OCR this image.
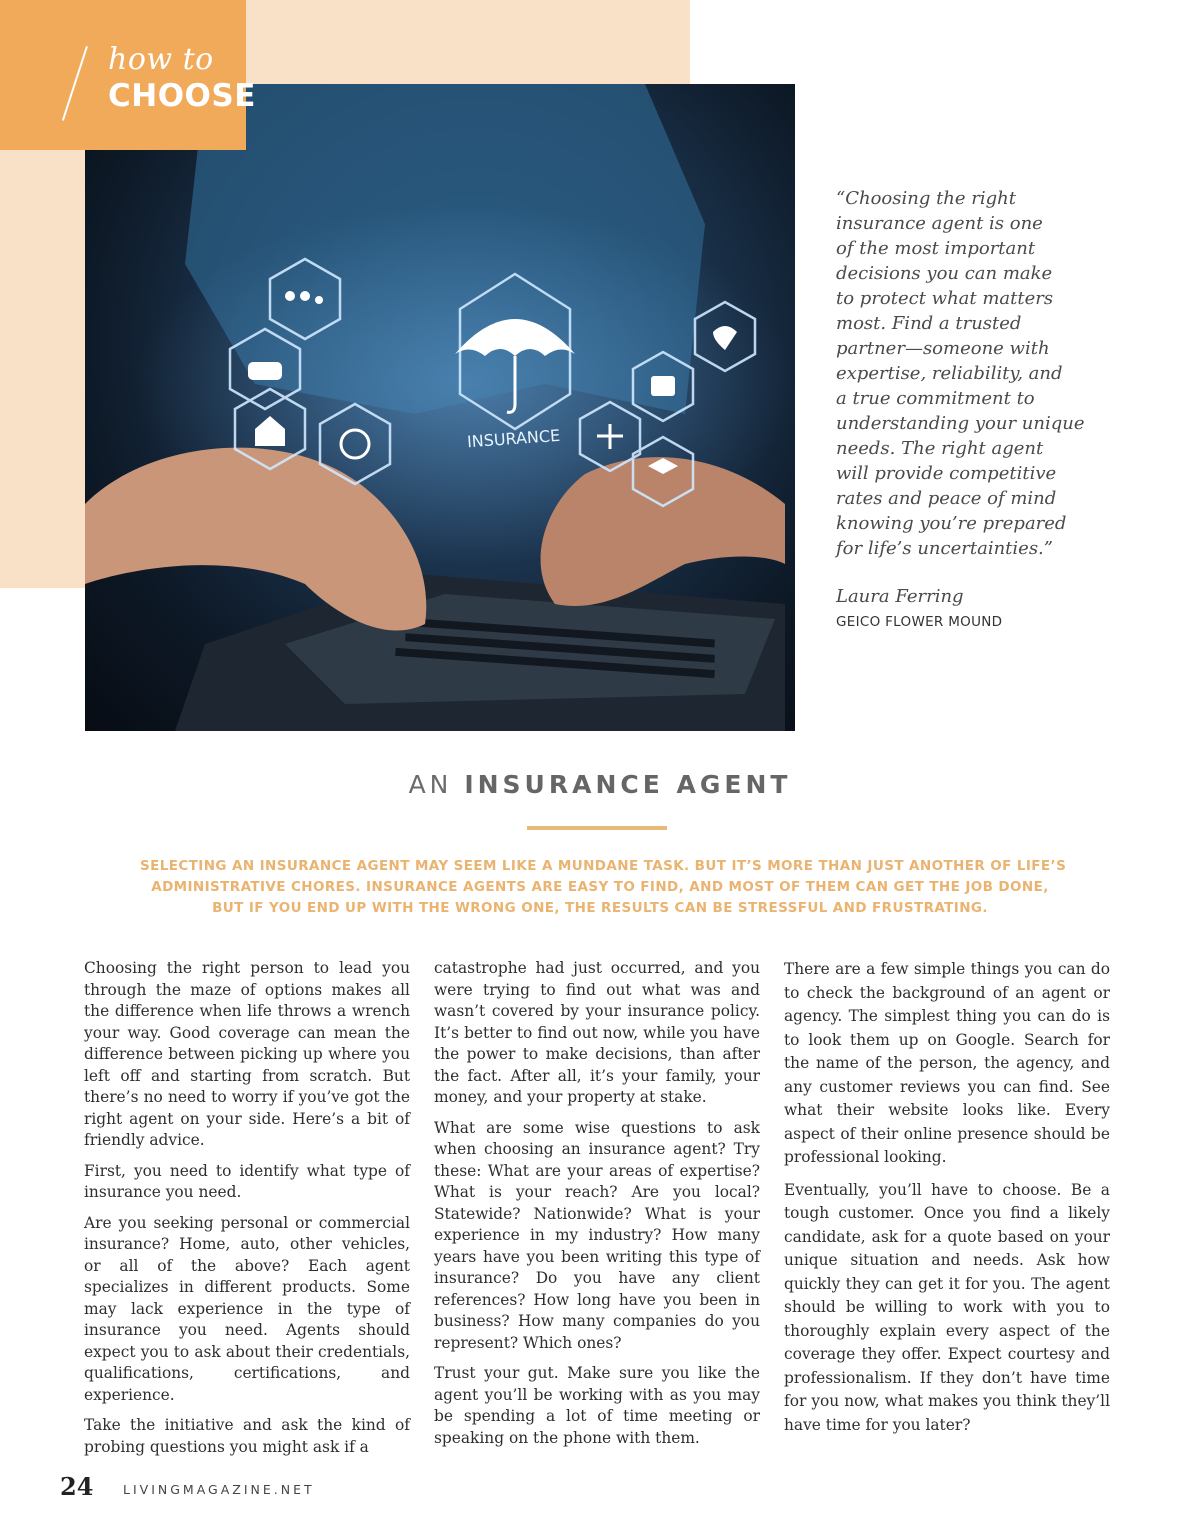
INSURANCE
how to
CHOOSE
“Choosing the right
insurance agent is one
of the most important
decisions you can make
to protect what matters
most. Find a trusted
partner—someone with
expertise, reliability, and
a true commitment to
understanding your unique
needs. The right agent
will provide competitive
rates and peace of mind
knowing you’re prepared
for life’s uncertainties.”
Laura Ferring
GEICO FLOWER MOUND
AN INSURANCE AGENT
SELECTING AN INSURANCE AGENT MAY SEEM LIKE A MUNDANE TASK. BUT IT’S MORE THAN JUST ANOTHER OF LIFE’S
ADMINISTRATIVE CHORES. INSURANCE AGENTS ARE EASY TO FIND, AND MOST OF THEM CAN GET THE JOB DONE,
BUT IF YOU END UP WITH THE WRONG ONE, THE RESULTS CAN BE STRESSFUL AND FRUSTRATING.

Choosing the right person to lead you through the maze of options makes all the difference when life throws a wrench your way. Good coverage can mean the difference between picking up where you left off and starting from scratch. But there’s no need to worry if you’ve got the right agent on your side. Here’s a bit of friendly advice.

First, you need to identify what type of insurance you need.

Are you seeking personal or commercial insurance? Home, auto, other vehicles, or all of the above? Each agent specializes in different products. Some may lack experience in the type of insurance you need. Agents should expect you to ask about their credentials, qualifications, certifications, and experience.

Take the initiative and ask the kind of probing questions you might ask if a

catastrophe had just occurred, and you were trying to find out what was and wasn’t covered by your insurance policy. It’s better to find out now, while you have the power to make decisions, than after the fact. After all, it’s your family, your money, and your property at stake.

What are some wise questions to ask when choosing an insurance agent? Try these: What are your areas of expertise? What is your reach? Are you local? Statewide? Nationwide? What is your experience in my industry? How many years have you been writing this type of insurance? Do you have any client references? How long have you been in business? How many companies do you represent? Which ones?

Trust your gut. Make sure you like the agent you’ll be working with as you may be spending a lot of time meeting or speaking on the phone with them.

There are a few simple things you can do to check the background of an agent or agency. The simplest thing you can do is to look them up on Google. Search for the name of the person, the agency, and any customer reviews you can find. See what their website looks like. Every aspect of their online presence should be professional looking.

Eventually, you’ll have to choose. Be a tough customer. Once you find a likely candidate, ask for a quote based on your unique situation and needs. Ask how quickly they can get it for you. The agent should be willing to work with you to thoroughly explain every aspect of the coverage they offer. Expect courtesy and professionalism. If they don’t have time for you now, what makes you think they’ll have time for you later?

24 LIVINGMAGAZINE.NET
